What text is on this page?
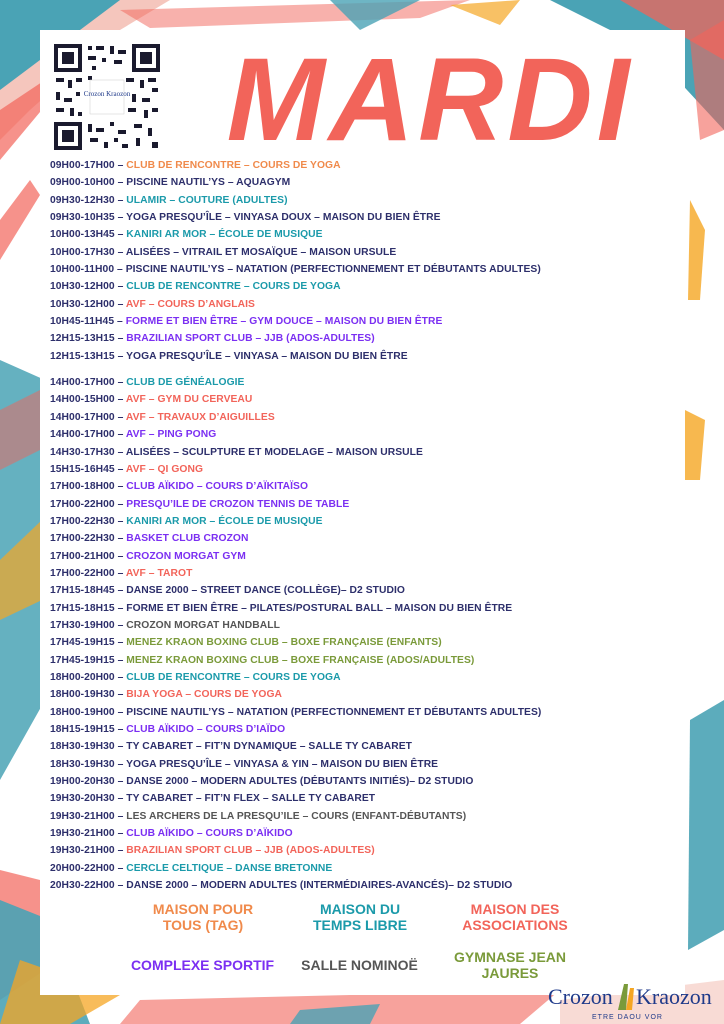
Crozon Kraozon MARDI
09H00-17H00 – CLUB DE RENCONTRE – COURS DE YOGA
09H00-10H00 – PISCINE NAUTIL’YS – AQUAGYM
09H30-12H30 – ULAMIR – COUTURE (ADULTES)
09H30-10H35 – YOGA PRESQU’ÎLE – VINYASA DOUX – MAISON DU BIEN ÊTRE
10H00-13H45 – KANIRI AR MOR – ÉCOLE DE MUSIQUE
10H00-17H30 – ALISÉES – VITRAIL ET MOSAÏQUE – MAISON URSULE
10H00-11H00 – PISCINE NAUTIL’YS – NATATION (PERFECTIONNEMENT ET DÉBUTANTS ADULTES)
10H30-12H00 – CLUB DE RENCONTRE – COURS DE YOGA
10H30-12H00 – AVF – COURS D’ANGLAIS
10H45-11H45 – FORME ET BIEN ÊTRE – GYM DOUCE – MAISON DU BIEN ÊTRE
12H15-13H15 – BRAZILIAN SPORT CLUB – JJB (ADOS-ADULTES)
12H15-13H15 – YOGA PRESQU’ÎLE – VINYASA – MAISON DU BIEN ÊTRE
14H00-17H00 – CLUB DE GÉNÉALOGIE
14H00-15H00 – AVF – GYM DU CERVEAU
14H00-17H00 – AVF – TRAVAUX D’AIGUILLES
14H00-17H00 – AVF – PING PONG
14H30-17H30 – ALISÉES – SCULPTURE ET MODELAGE – MAISON URSULE
15H15-16H45 – AVF – QI GONG
17H00-18H00 – CLUB AÏKIDO – COURS D’AÏKITAÏSO
17H00-22H00 – PRESQU’ILE DE CROZON TENNIS DE TABLE
17H00-22H30 – KANIRI AR MOR – ÉCOLE DE MUSIQUE
17H00-22H30 – BASKET CLUB CROZON
17H00-21H00 – CROZON MORGAT GYM
17H00-22H00 – AVF – TAROT
17H15-18H45 – DANSE 2000 – STREET DANCE (COLLÈGE)– D2 STUDIO
17H15-18H15 – FORME ET BIEN ÊTRE – PILATES/POSTURAL BALL – MAISON DU BIEN ÊTRE
17H30-19H00 – CROZON MORGAT HANDBALL
17H45-19H15 – MENEZ KRAON BOXING CLUB – BOXE FRANÇAISE (ENFANTS)
17H45-19H15 – MENEZ KRAON BOXING CLUB – BOXE FRANÇAISE (ADOS/ADULTES)
18H00-20H00 – CLUB DE RENCONTRE – COURS DE YOGA
18H00-19H30 – BIJA YOGA – COURS DE YOGA
18H00-19H00 – PISCINE NAUTIL’YS – NATATION (PERFECTIONNEMENT ET DÉBUTANTS ADULTES)
18H15-19H15 – CLUB AÏKIDO – COURS D’IAÏDO
18H30-19H30 – TY CABARET – FIT’N DYNAMIQUE – SALLE TY CABARET
18H30-19H30 – YOGA PRESQU’ÎLE – VINYASA & YIN – MAISON DU BIEN ÊTRE
19H00-20H30 – DANSE 2000 – MODERN ADULTES (DÉBUTANTS INITIÉS)– D2 STUDIO
19H30-20H30 – TY CABARET – FIT’N FLEX – SALLE TY CABARET
19H30-21H00 – LES ARCHERS DE LA PRESQU’ILE – COURS (ENFANT-DÉBUTANTS)
19H30-21H00 – CLUB AÏKIDO – COURS D’AÏKIDO
19H30-21H00 – BRAZILIAN SPORT CLUB – JJB (ADOS-ADULTES)
20H00-22H00 – CERCLE CELTIQUE – DANSE BRETONNE
20H30-22H00 – DANSE 2000 – MODERN ADULTES (INTERMÉDIAIRES-AVANCÉS)– D2 STUDIO
MAISON POUR TOUS (TAG)
MAISON DU TEMPS LIBRE
MAISON DES ASSOCIATIONS
COMPLEXE SPORTIF	SALLE NOMINOË	GYMNASE JEAN JAURES
Crozon Kraozon
ETRE DAOU VOR
